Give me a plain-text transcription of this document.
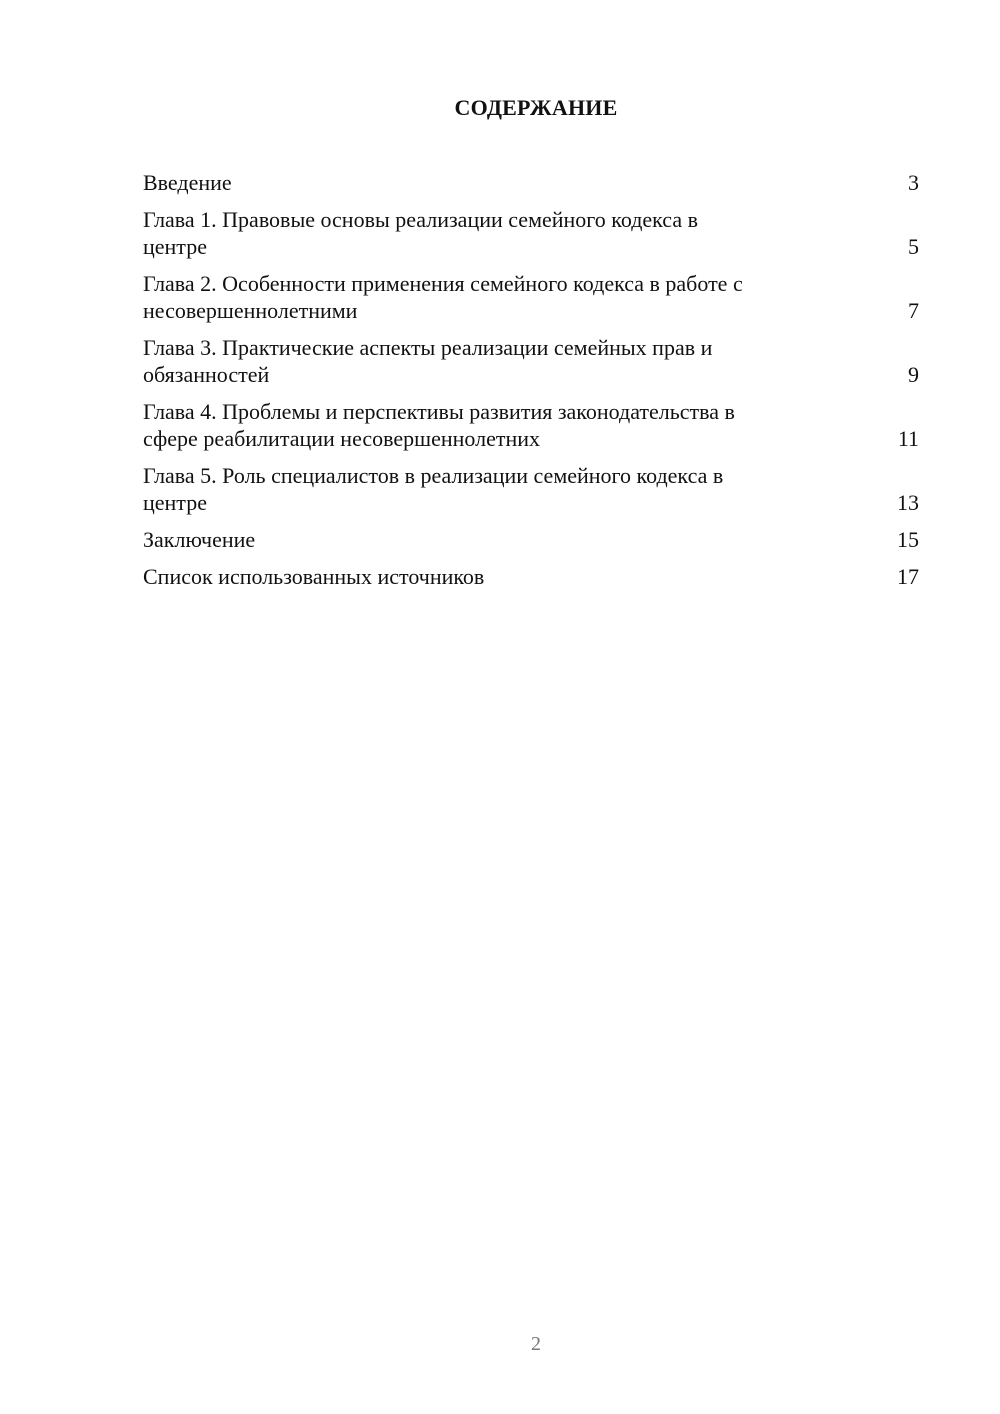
СОДЕРЖАНИЕ
Введение	3
Глава 1. Правовые основы реализации семейного кодекса в
центре	5
Глава 2. Особенности применения семейного кодекса в работе с
несовершеннолетними	7
Глава 3. Практические аспекты реализации семейных прав и
обязанностей	9
Глава 4. Проблемы и перспективы развития законодательства в
сфере реабилитации несовершеннолетних	11
Глава 5. Роль специалистов в реализации семейного кодекса в
центре	13
Заключение	15
Список использованных источников	17
2
